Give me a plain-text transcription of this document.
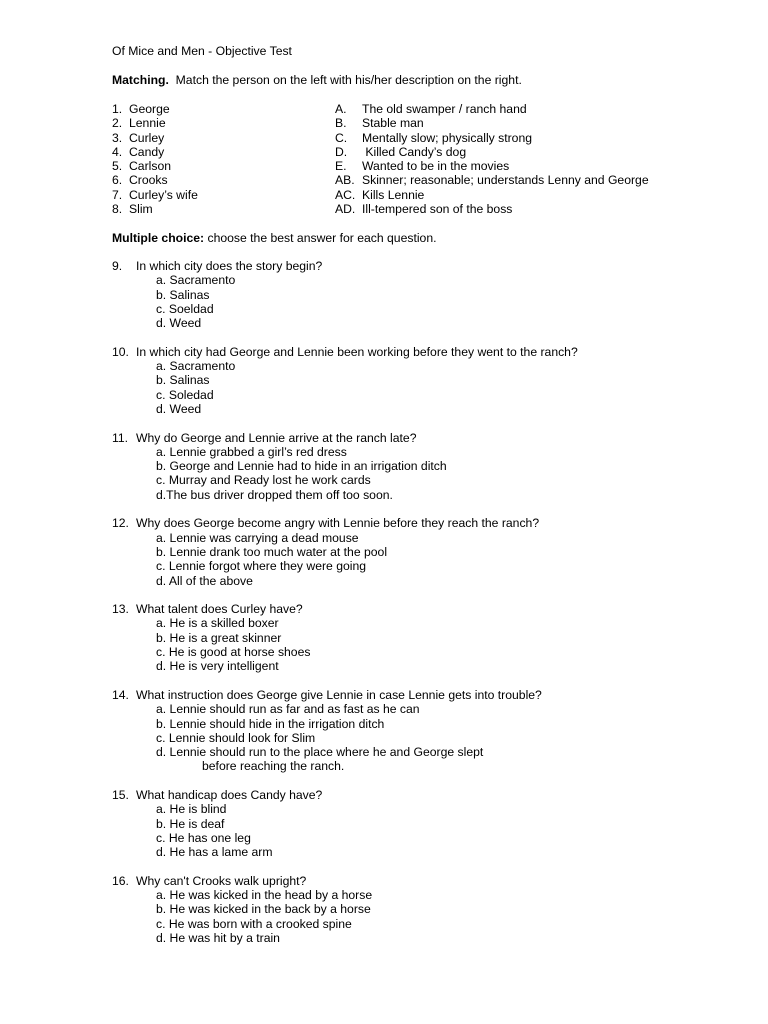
Of Mice and Men - Objective Test
Matching. Match the person on the left with his/her description on the right.
1. George
2. Lennie
3. Curley
4. Candy
5. Carlson
6. Crooks
7. Curley’s wife
8. Slim
A.	The old swamper / ranch hand
B.	Stable man
C.	Mentally slow; physically strong
D.	Killed Candy’s dog
E.	Wanted to be in the movies
AB. Skinner; reasonable; understands Lenny and George
AC. Kills Lennie
AD. Ill-tempered son of the boss
Multiple choice: choose the best answer for each question.
9.	In which city does the story begin?
a. Sacramento
b. Salinas
c. Soeldad
d. Weed
10. In which city had George and Lennie been working before they went to the ranch?
a. Sacramento
b. Salinas
c. Soledad
d. Weed
11. Why do George and Lennie arrive at the ranch late?
a. Lennie grabbed a girl’s red dress
b. George and Lennie had to hide in an irrigation ditch
c. Murray and Ready lost he work cards
d.The bus driver dropped them off too soon.
12. Why does George become angry with Lennie before they reach the ranch?
a. Lennie was carrying a dead mouse
b. Lennie drank too much water at the pool
c. Lennie forgot where they were going
d. All of the above
13. What talent does Curley have?
a. He is a skilled boxer
b. He is a great skinner
c. He is good at horse shoes
d. He is very intelligent
14. What instruction does George give Lennie in case Lennie gets into trouble?
a. Lennie should run as far and as fast as he can
b. Lennie should hide in the irrigation ditch
c. Lennie should look for Slim
d. Lennie should run to the place where he and George slept
before reaching the ranch.
15. What handicap does Candy have?
a. He is blind
b. He is deaf
c. He has one leg
d. He has a lame arm
16. Why can't Crooks walk upright?
a. He was kicked in the head by a horse
b. He was kicked in the back by a horse
c. He was born with a crooked spine
d. He was hit by a train
